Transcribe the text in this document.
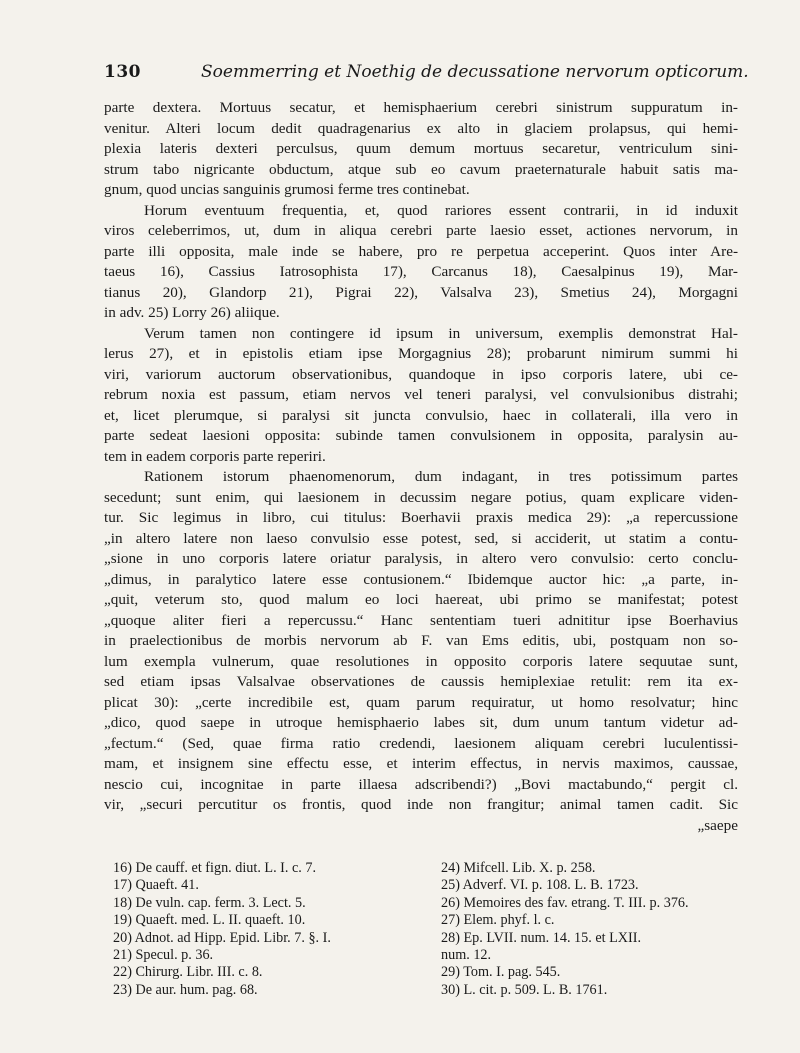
130	Soemmerring et Noethig de decussatione nervorum opticorum.
parte dextera. Mortuus secatur, et hemisphaerium cerebri sinistrum suppuratum in-
venitur. Alteri locum dedit quadragenarius ex alto in glaciem prolapsus, qui hemi-
plexia lateris dexteri perculsus, quum demum mortuus secaretur, ventriculum sini-
strum tabo nigricante obductum, atque sub eo cavum praeternaturale habuit satis ma-
gnum, quod uncias sanguinis grumosi ferme tres continebat.
Horum eventuum frequentia, et, quod rariores essent contrarii, in id induxit
viros celeberrimos, ut, dum in aliqua cerebri parte laesio esset, actiones nervorum, in
parte illi opposita, male inde se habere, pro re perpetua acceperint. Quos inter Are-
taeus 16), Cassius Iatrosophista 17), Carcanus 18), Caesalpinus 19), Mar-
tianus 20), Glandorp 21), Pigrai 22), Valsalva 23), Smetius 24), Morgagni
in adv. 25) Lorry 26) aliique.
Verum tamen non contingere id ipsum in universum, exemplis demonstrat Hal-
lerus 27), et in epistolis etiam ipse Morgagnius 28); probarunt nimirum summi hi
viri, variorum auctorum observationibus, quandoque in ipso corporis latere, ubi ce-
rebrum noxia est passum, etiam nervos vel teneri paralysi, vel convulsionibus distrahi;
et, licet plerumque, si paralysi sit juncta convulsio, haec in collaterali, illa vero in
parte sedeat laesioni opposita: subinde tamen convulsionem in opposita, paralysin au-
tem in eadem corporis parte reperiri.
Rationem istorum phaenomenorum, dum indagant, in tres potissimum partes
secedunt; sunt enim, qui laesionem in decussim negare potius, quam explicare viden-
tur. Sic legimus in libro, cui titulus: Boerhavii praxis medica 29): „a repercussione
„in altero latere non laeso convulsio esse potest, sed, si acciderit, ut statim a contu-
„sione in uno corporis latere oriatur paralysis, in altero vero convulsio: certo conclu-
„dimus, in paralytico latere esse contusionem.“ Ibidemque auctor hic: „a parte, in-
„quit, veterum sto, quod malum eo loci haereat, ubi primo se manifestat; potest
„quoque aliter fieri a repercussu.“ Hanc sententiam tueri adnititur ipse Boerhavius
in praelectionibus de morbis nervorum ab F. van Ems editis, ubi, postquam non so-
lum exempla vulnerum, quae resolutiones in opposito corporis latere sequutae sunt,
sed etiam ipsas Valsalvae observationes de caussis hemiplexiae retulit: rem ita ex-
plicat 30): „certe incredibile est, quam parum requiratur, ut homo resolvatur; hinc
„dico, quod saepe in utroque hemisphaerio labes sit, dum unum tantum videtur ad-
„fectum.“ (Sed, quae firma ratio credendi, laesionem aliquam cerebri luculentissi-
mam, et insignem sine effectu esse, et interim effectus, in nervis maximos, caussae,
nescio cui, incognitae in parte illaesa adscribendi?) „Bovi mactabundo,“ pergit cl.
vir, „securi percutitur os frontis, quod inde non frangitur; animal tamen cadit. Sic
„saepe
16) De cauff. et fign. diut. L. I. c. 7.
17) Quaeft. 41.
18) De vuln. cap. ferm. 3. Lect. 5.
19) Quaeft. med. L. II. quaeft. 10.
20) Adnot. ad Hipp. Epid. Libr. 7. §. I.
21) Specul. p. 36.
22) Chirurg. Libr. III. c. 8.
23) De aur. hum. pag. 68.
24) Mifcell. Lib. X. p. 258.
25) Adverf. VI. p. 108. L. B. 1723.
26) Memoires des fav. etrang. T. III. p. 376.
27) Elem. phyf. l. c.
28) Ep. LVII. num. 14. 15. et LXII.
num. 12.
29) Tom. I. pag. 545.
30) L. cit. p. 509. L. B. 1761.
